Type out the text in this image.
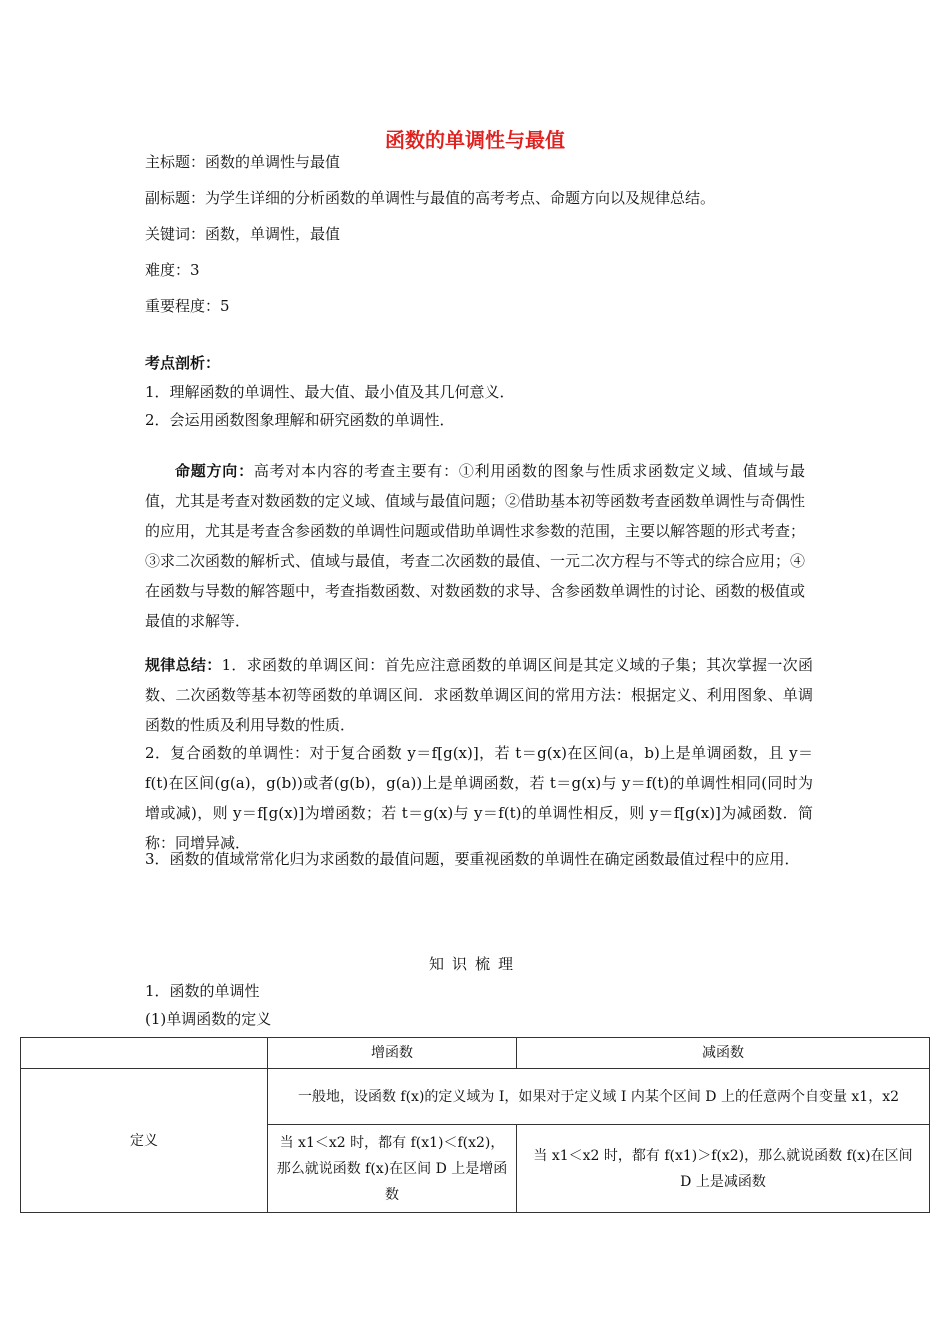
函数的单调性与最值
主标题：函数的单调性与最值
副标题：为学生详细的分析函数的单调性与最值的高考考点、命题方向以及规律总结。
关键词：函数，单调性，最值
难度：3
重要程度：5
考点剖析：
1．理解函数的单调性、最大值、最小值及其几何意义．
2．会运用函数图象理解和研究函数的单调性．
命题方向：高考对本内容的考查主要有：①利用函数的图象与性质求函数定义域、值域与最值，尤其是考查对数函数的定义域、值域与最值问题；②借助基本初等函数考查函数单调性与奇偶性的应用，尤其是考查含参函数的单调性问题或借助单调性求参数的范围，主要以解答题的形式考查；③求二次函数的解析式、值域与最值，考查二次函数的最值、一元二次方程与不等式的综合应用；④在函数与导数的解答题中，考查指数函数、对数函数的求导、含参函数单调性的讨论、函数的极值或最值的求解等．
规律总结：1．求函数的单调区间：首先应注意函数的单调区间是其定义域的子集；其次掌握一次函数、二次函数等基本初等函数的单调区间．求函数单调区间的常用方法：根据定义、利用图象、单调函数的性质及利用导数的性质．
2．复合函数的单调性：对于复合函数 y＝f[g(x)]，若 t＝g(x)在区间(a，b)上是单调函数，且 y＝f(t)在区间(g(a)，g(b))或者(g(b)，g(a))上是单调函数，若 t＝g(x)与 y＝f(t)的单调性相同(同时为增或减)，则 y＝f[g(x)]为增函数；若 t＝g(x)与 y＝f(t)的单调性相反，则 y＝f[g(x)]为减函数．简称：同增异减．
3．函数的值域常常化归为求函数的最值问题，要重视函数的单调性在确定函数最值过程中的应用．
知识梳理
1．函数的单调性
(1)单调函数的定义
	增函数	减函数
定义	一般地，设函数 f(x)的定义域为 I，如果对于定义域 I 内某个区间 D 上的任意两个自变量 x1，x2	
	当 x1＜x2 时，都有 f(x1)＜f(x2)，那么就说函数 f(x)在区间 D 上是增函数	当 x1＜x2 时，都有 f(x1)＞f(x2)，那么就说函数 f(x)在区间 D 上是减函数
